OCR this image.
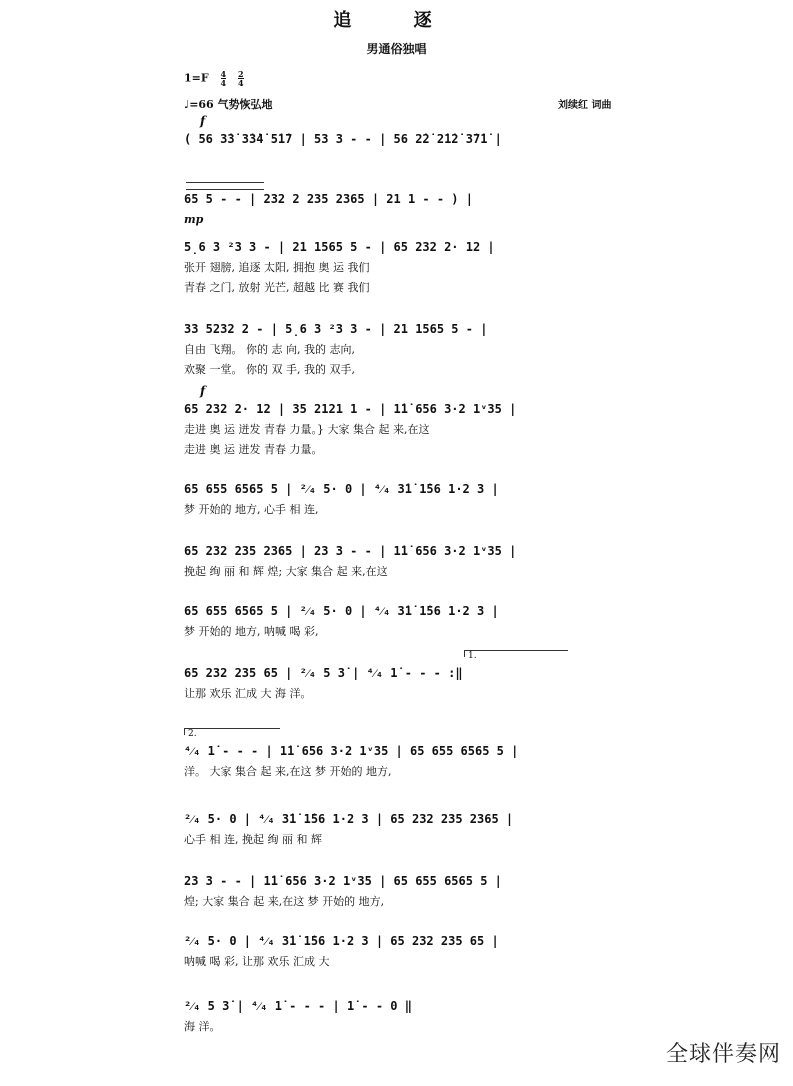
追 逐
男通俗独唱
$1=F \frac{4}{4}$
$\frac{2}{4}$
♩=66 气势恢弘地	刘续红 词曲
f
( 56 3̇3̇ 3̇3̇4̇ 5̇1̇7 | 53 3 - - | 56 2̇2̇ 2̇1̇2̇ 3̇7̇1̇ |
65 5 - - | 232 2 235 2365 | 21 1 - - ) |
mp
5̣6 3 ²3 3 - | 21 1565 5 - | 65 232 2· 12 |
张开 翅膀, 追逐 太阳, 拥抱 奥 运 我们
青春 之门, 放射 光芒, 超越 比 赛 我们
33 5232 2 - | 5̣6 3 ²3 3 - | 21 1565 5 - |
自由 飞翔。 你的 志 向, 我的 志向,
欢聚 一堂。 你的 双 手, 我的 双手,
f
65 232 2· 12 | 35 2121 1 - | 1̇1̇ 656 3·2 1ᵛ35 |
走进 奥 运 迸发 青春 力量。} 大家 集合 起 来,在这
走进 奥 运 迸发 青春 力量。
65 655 6565 5 | ²⁄₄ 5· 0 | ⁴⁄₄ 3̇1̇ 1̇56 1·2 3 |
梦 开始的 地方, 心手 相 连,
65 232 235 2365 | 23 3 - - | 1̇1̇ 656 3·2 1ᵛ35 |
挽起 绚 丽 和 辉 煌; 大家 集合 起 来,在这
65 655 6565 5 | ²⁄₄ 5· 0 | ⁴⁄₄ 3̇1̇ 1̇56 1·2 3 |
梦 开始的 地方, 呐喊 喝 彩,
1.
65 232 235 65 | ²⁄₄ 5 3̇ | ⁴⁄₄ 1̇ - - - :‖
让那 欢乐 汇成 大 海 洋。
2.
⁴⁄₄ 1̇ - - - | 1̇1̇ 656 3·2 1ᵛ35 | 65 655 6565 5 |
洋。 大家 集合 起 来,在这 梦 开始的 地方,
²⁄₄ 5· 0 | ⁴⁄₄ 3̇1̇ 1̇56 1·2 3 | 65 232 235 2365 |
心手 相 连, 挽起 绚 丽 和 辉
23 3 - - | 1̇1̇ 656 3·2 1ᵛ35 | 65 655 6565 5 |
煌; 大家 集合 起 来,在这 梦 开始的 地方,
²⁄₄ 5· 0 | ⁴⁄₄ 3̇1̇ 1̇56 1·2 3 | 65 232 235 65 |
呐喊 喝 彩, 让那 欢乐 汇成 大
²⁄₄ 5 3̇ | ⁴⁄₄ 1̇ - - - | 1̇ - - 0 ‖
海 洋。
全球伴奏网
